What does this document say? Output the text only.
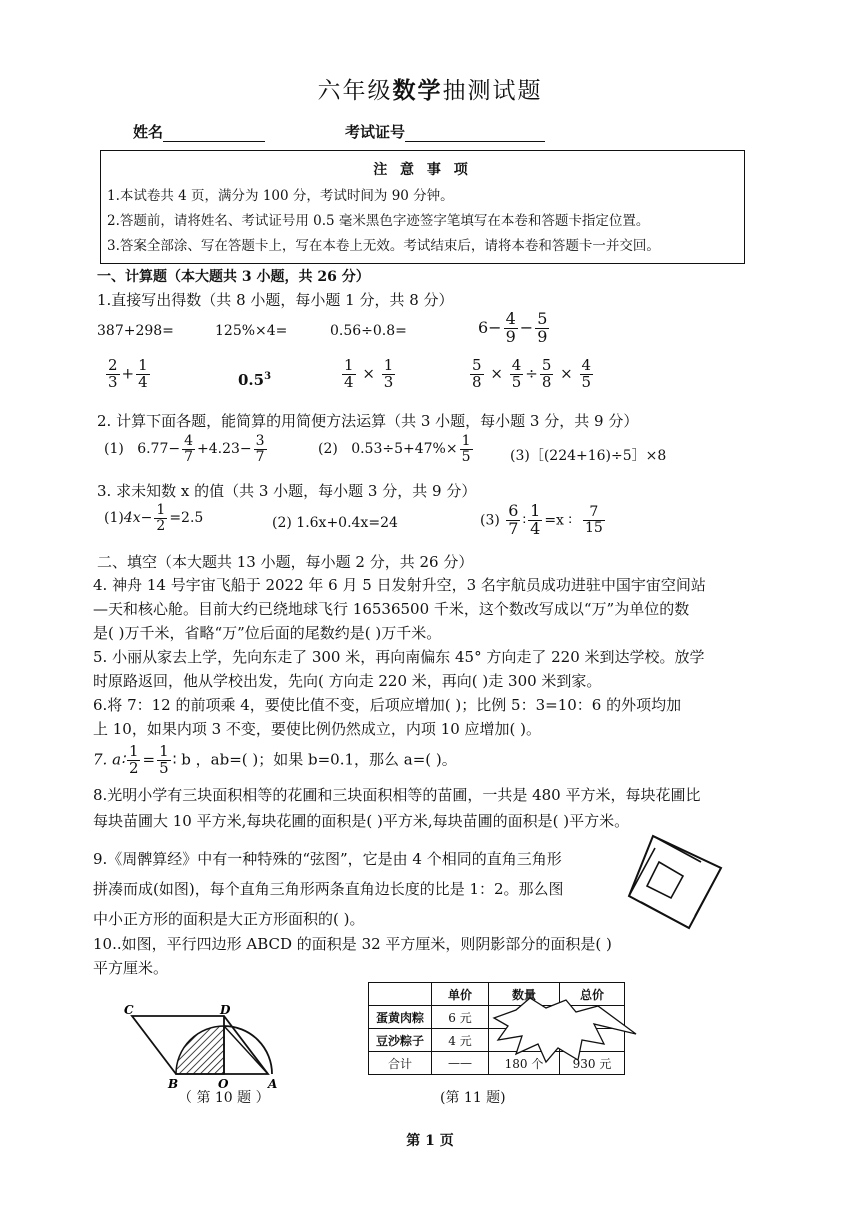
六年级数学抽测试题
姓名	考试证号
注 意 事 项
1.本试卷共 4 页，满分为 100 分，考试时间为 90 分钟。
2.答题前，请将姓名、考试证号用 0.5 毫米黑色字迹签字笔填写在本卷和答题卡指定位置。
3.答案全部涂、写在答题卡上，写在本卷上无效。考试结束后，请将本卷和答题卡一并交回。
一、计算题（本大题共 3 小题，共 26 分）
1.直接写出得数（共 8 小题，每小题 1 分，共 8 分）
387+298=	125%×4=	0.56÷0.8=	$6- \frac{4}{9} - \frac{5}{9}$
$\frac{2}{3} + \frac{1}{4}$	$0.5^3$	$\frac{1}{4} \times \frac{1}{3}$	$\frac{5}{8} \times \frac{4}{5} \div \frac{5}{8} \times \frac{4}{5}$
2. 计算下面各题，能简算的用简便方法运算（共 3 小题，每小题 3 分，共 9 分）
(1) $6.77- \frac{4}{7} +4.23- \frac{3}{7}$	(2) $0.53\div 5+47\%\times \frac{1}{5}$	(3)［(224+16)÷5］×8
3. 求未知数 x 的值（共 3 小题，每小题 3 分，共 9 分）
$(1)4x- \frac{1}{2} =2.5$	(2) 1.6x+0.4x=24	$(3) \frac{6}{7}$ ∶ $\frac{1}{4} =x$ ∶ $\frac{7}{15}$
二、填空（本大题共 13 小题，每小题 2 分，共 26 分）
4. 神舟 14 号宇宙飞船于 2022 年 6 月 5 日发射升空，3 名宇航员成功进驻中国宇宙空间站
—天和核心舱。目前大约已绕地球飞行 16536500 千米，这个数改写成以“万”为单位的数
是( )万千米，省略“万”位后面的尾数约是( )万千米。
5. 小丽从家去上学，先向东走了 300 米，再向南偏东 45° 方向走了 220 米到达学校。放学
时原路返回，他从学校出发，先向( 方向走 220 米，再向( )走 300 米到家。
6.将 7：12 的前项乘 4，要使比值不变，后项应增加( )；比例 5：3=10：6 的外项均加
上 10，如果内项 3 不变，要使比例仍然成立，内项 10 应增加( )。
7. a∶ $\frac{1}{2} = \frac{1}{5}$ ∶ b ，ab=( )；如果 b=0.1，那么 a=( )。
8.光明小学有三块面积相等的花圃和三块面积相等的苗圃，一共是 480 平方米，每块花圃比
每块苗圃大 10 平方米,每块花圃的面积是( )平方米,每块苗圃的面积是( )平方米。
9.《周髀算经》中有一种特殊的“弦图”，它是由 4 个相同的直角三角形
拼凑而成(如图)，每个直角三角形两条直角边长度的比是 1：2。那么图
中小正方形的面积是大正方形面积的( )。
10..如图，平行四边形 ABCD 的面积是 32 平方厘米，则阴影部分的面积是( )
平方厘米。
C	D
B	O	A
（ 第 10 题 ）
	单价	数量	总价
蛋黄肉粽	6 元		
豆沙粽子	4 元		
合计	——	180 个	930 元
(第 11 题)
第 1 页
